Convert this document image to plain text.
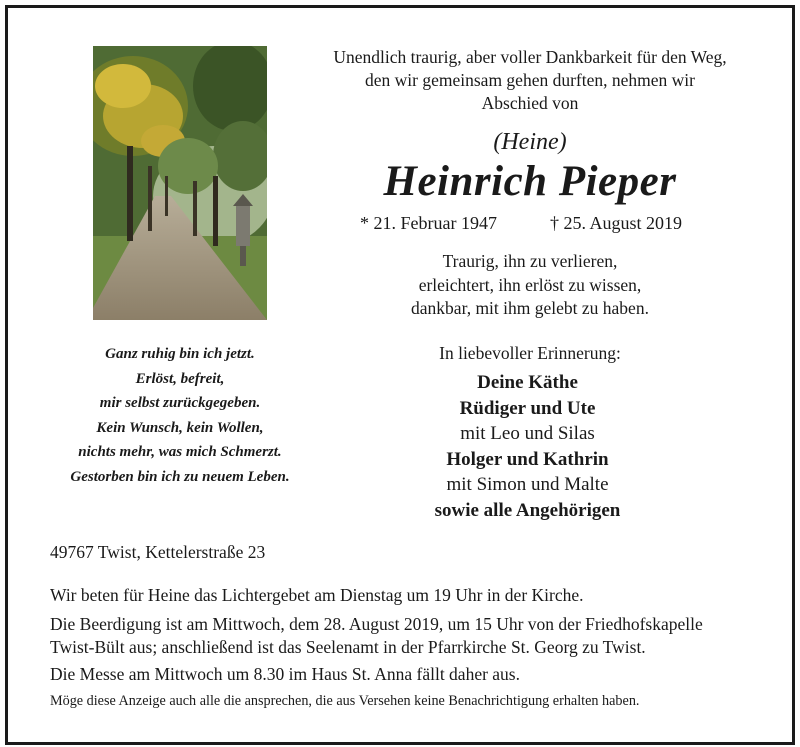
Unendlich traurig, aber voller Dankbarkeit für den Weg,
den wir gemeinsam gehen durften, nehmen wir
Abschied von
(Heine)
Heinrich Pieper
* 21. Februar 1947	† 25. August 2019
Traurig, ihn zu verlieren,
erleichtert, ihn erlöst zu wissen,
dankbar, mit ihm gelebt zu haben.
Ganz ruhig bin ich jetzt.
Erlöst, befreit,
mir selbst zurückgegeben.
Kein Wunsch, kein Wollen,
nichts mehr, was mich Schmerzt.
Gestorben bin ich zu neuem Leben.
In liebevoller Erinnerung:
Deine Käthe
Rüdiger und Ute
mit Leo und Silas
Holger und Kathrin
mit Simon und Malte
sowie alle Angehörigen
49767 Twist, Kettelerstraße 23
Wir beten für Heine das Lichtergebet am Dienstag um 19 Uhr in der Kirche.
Die Beerdigung ist am Mittwoch, dem 28. August 2019, um 15 Uhr von der Friedhofskapelle
Twist-Bült aus; anschließend ist das Seelenamt in der Pfarrkirche St. Georg zu Twist.
Die Messe am Mittwoch um 8.30 im Haus St. Anna fällt daher aus.
Möge diese Anzeige auch alle die ansprechen, die aus Versehen keine Benachrichtigung erhalten haben.
